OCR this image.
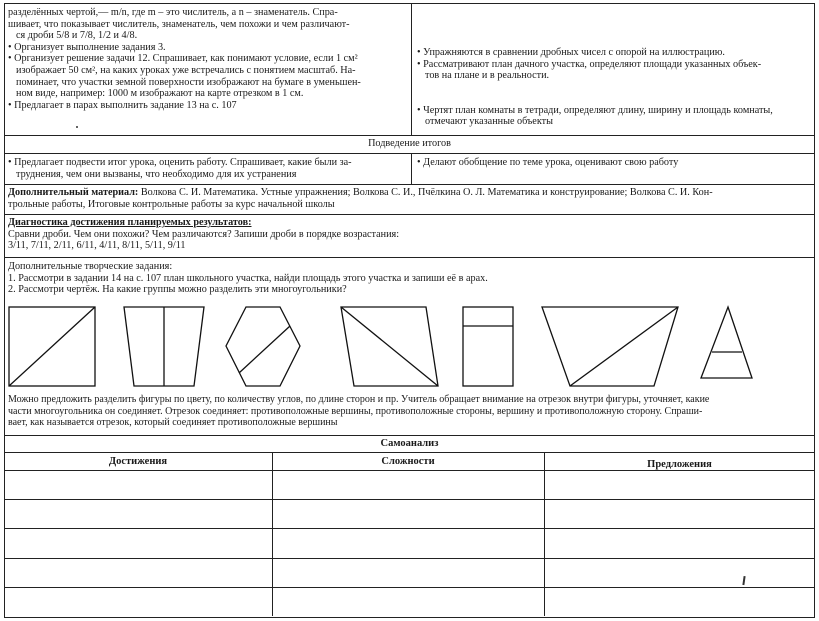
разделённых чертой,— m/n, где m – это числитель, а n – знаменатель. Спра-

шивает, что показывает числитель, знаменатель, чем похожи и чем различают-

ся дроби 5/8 и 7/8, 1/2 и 4/8.

• Организует выполнение задания 3.

• Организует решение задачи 12. Спрашивает, как понимают условие, если 1 см²

изображает 50 см², на каких уроках уже встречались с понятием масштаб. На-

поминает, что участки земной поверхности изображают на бумаге в уменьшен-

ном виде, например: 1000 м изображают на карте отрезком в 1 см.

• Предлагает в парах выполнить задание 13 на с. 107

• Упражняются в сравнении дробных чисел с опорой на иллюстрацию.

• Рассматривают план дачного участка, определяют площади указанных объек-

тов на плане и в реальности.

• Чертят план комнаты в тетради, определяют длину, ширину и площадь комнаты,

отмечают указанные объекты

Подведение итогов

• Предлагает подвести итог урока, оценить работу. Спрашивает, какие были за-

труднения, чем они вызваны, что необходимо для их устранения

• Делают обобщение по теме урока, оценивают свою работу

Дополнительный материал: Волкова С. И. Математика. Устные упражнения; Волкова С. И., Пчёлкина О. Л. Математика и конструирование; Волкова С. И. Кон-

трольные работы, Итоговые контрольные работы за курс начальной школы

Диагностика достижения планируемых результатов:

Сравни дроби. Чем они похожи? Чем различаются? Запиши дроби в порядке возрастания:

3/11, 7/11, 2/11, 6/11, 4/11, 8/11, 5/11, 9/11

Дополнительные творческие задания:

1. Рассмотри в задании 14 на с. 107 план школьного участка, найди площадь этого участка и запиши её в арах.

2. Рассмотри чертёж. На какие группы можно разделить эти многоугольники?

Можно предложить разделить фигуры по цвету, по количеству углов, по длине сторон и пр. Учитель обращает внимание на отрезок внутри фигуры, уточняет, какие

части многоугольника он соединяет. Отрезок соединяет: противоположные вершины, противоположные стороны, вершину и противоположную сторону. Спраши-

вает, как называется отрезок, который соединяет противоположные вершины

Самоанализ

Достижения	Сложности	Предложения
